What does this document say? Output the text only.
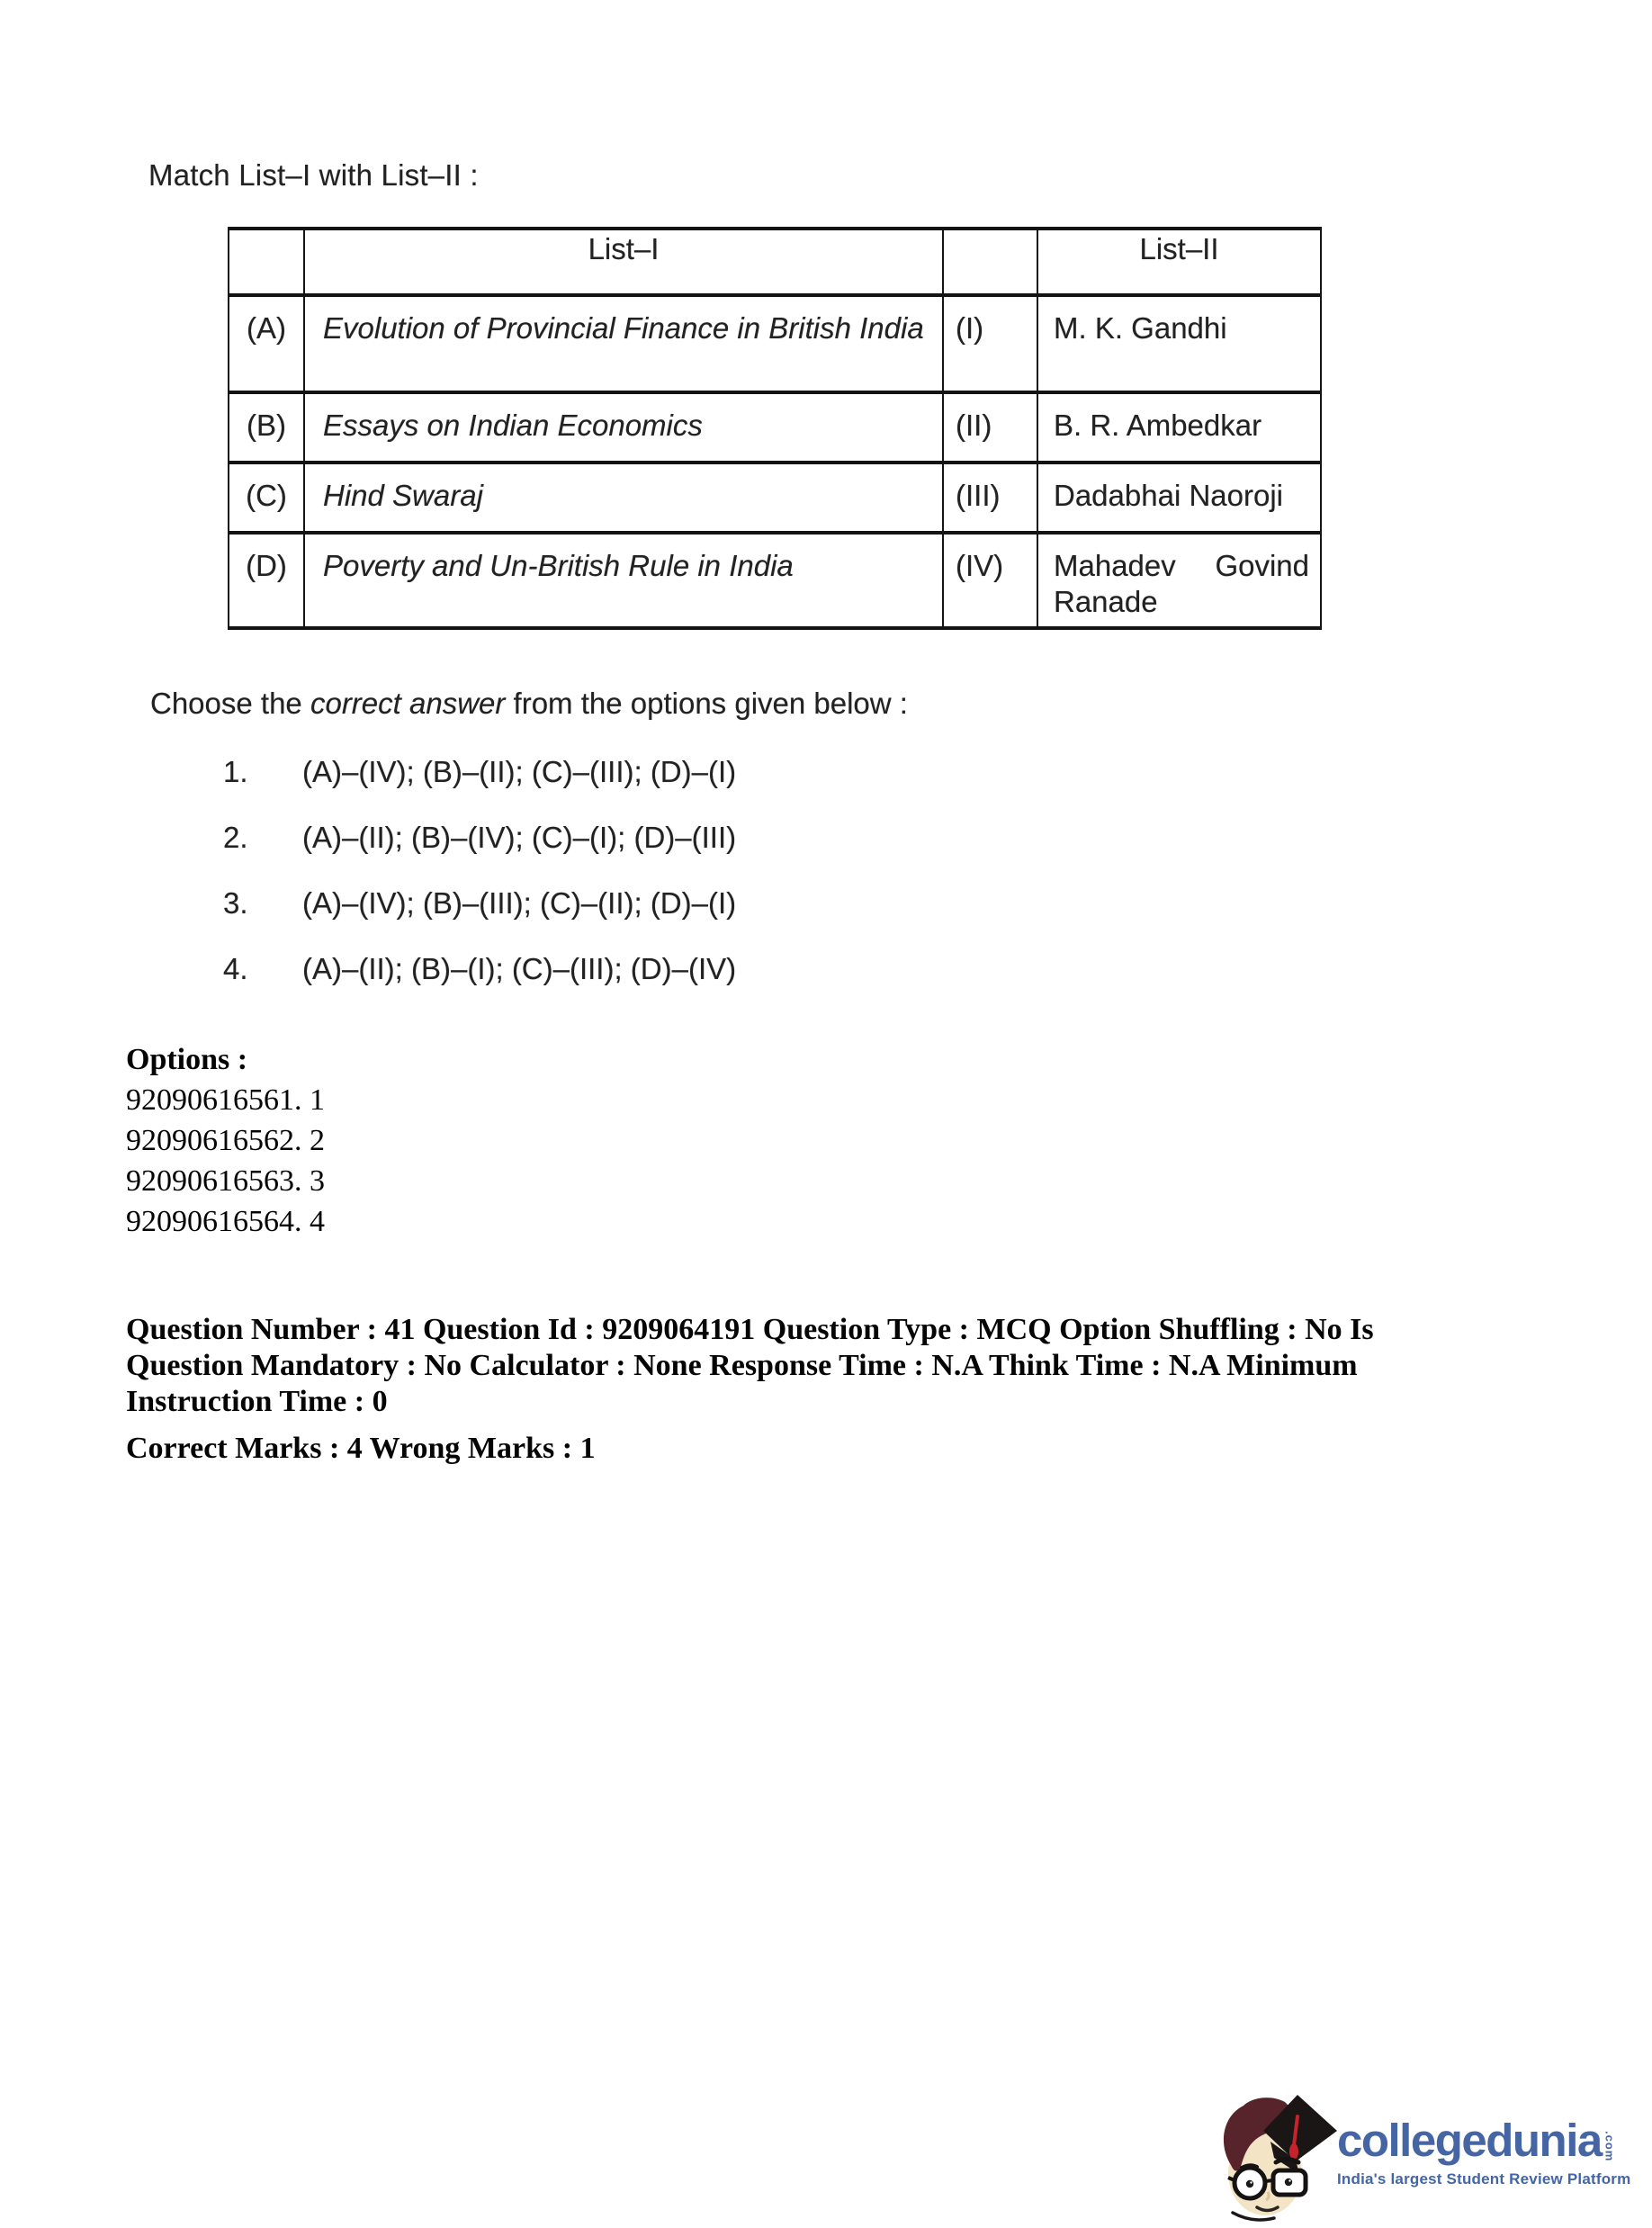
Match List–I with List–II :
	List–I		List–II
(A)	Evolution of Provincial Finance in British India	(I)	M. K. Gandhi
(B)	Essays on Indian Economics	(II)	B. R. Ambedkar
(C)	Hind Swaraj	(III)	Dadabhai Naoroji
(D)	Poverty and Un-British Rule in India	(IV)	Mahadev Govind Ranade
Choose the correct answer from the options given below :
1.	(A)–(IV); (B)–(II); (C)–(III); (D)–(I)
2.	(A)–(II); (B)–(IV); (C)–(I); (D)–(III)
3.	(A)–(IV); (B)–(III); (C)–(II); (D)–(I)
4.	(A)–(II); (B)–(I); (C)–(III); (D)–(IV)
Options :
92090616561. 1
92090616562. 2
92090616563. 3
92090616564. 4
Question Number : 41 Question Id : 9209064191 Question Type : MCQ Option Shuffling : No Is
Question Mandatory : No Calculator : None Response Time : N.A Think Time : N.A Minimum
Instruction Time : 0
Correct Marks : 4 Wrong Marks : 1
collegedunia .com
India's largest Student Review Platform
